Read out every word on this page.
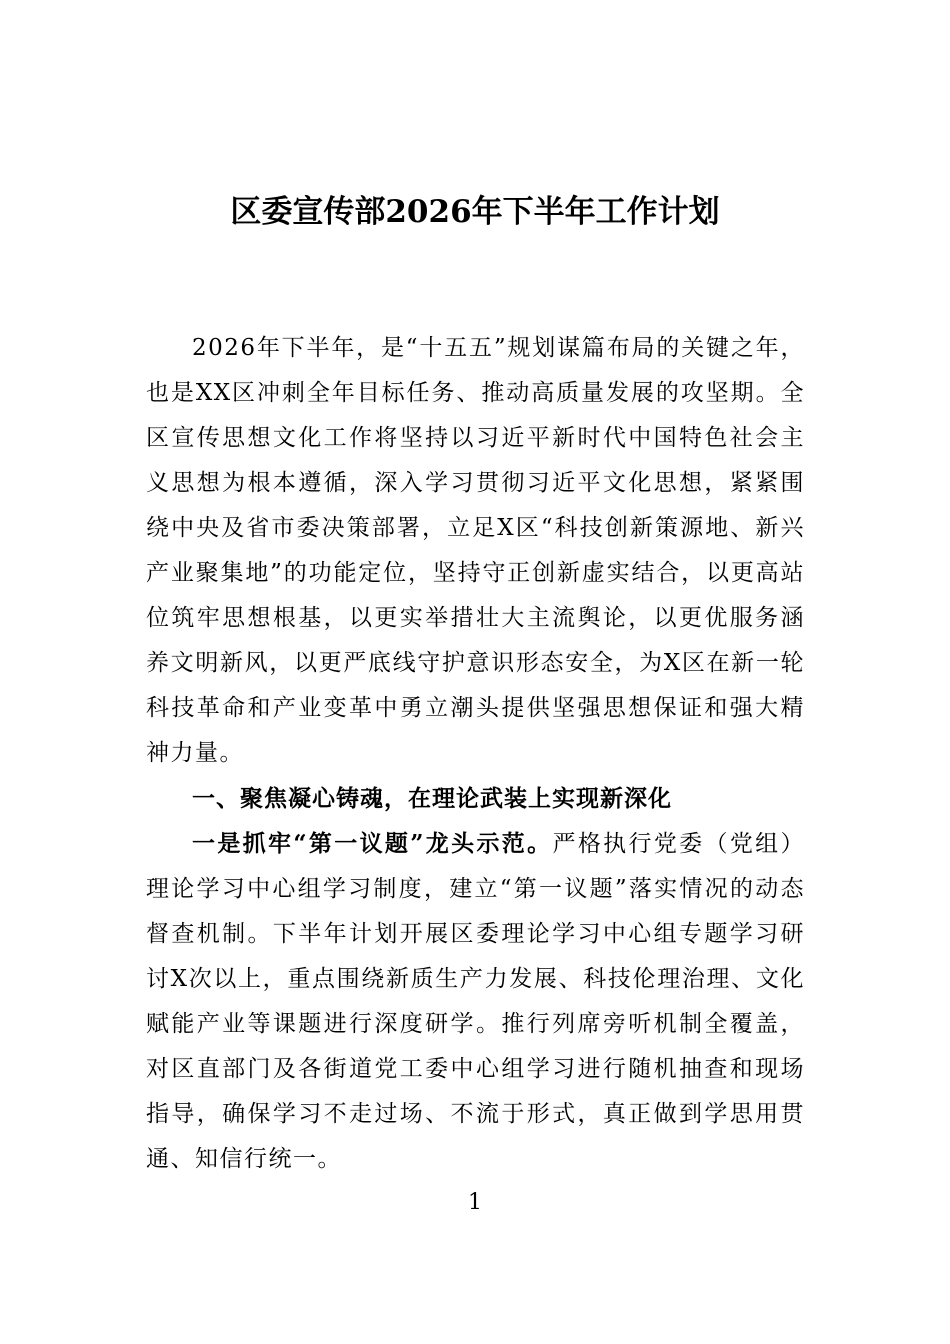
区委宣传部2026年下半年工作计划

2026年下半年，是“十五五”规划谋篇布局的关键之年，也是XX区冲刺全年目标任务、推动高质量发展的攻坚期。全区宣传思想文化工作将坚持以习近平新时代中国特色社会主义思想为根本遵循，深入学习贯彻习近平文化思想，紧紧围绕中央及省市委决策部署，立足X区“科技创新策源地、新兴产业聚集地”的功能定位，坚持守正创新虚实结合，以更高站位筑牢思想根基，以更实举措壮大主流舆论，以更优服务涵养文明新风，以更严底线守护意识形态安全，为X区在新一轮科技革命和产业变革中勇立潮头提供坚强思想保证和强大精神力量。

一、聚焦凝心铸魂，在理论武装上实现新深化

一是抓牢“第一议题”龙头示范。严格执行党委（党组）理论学习中心组学习制度，建立“第一议题”落实情况的动态督查机制。下半年计划开展区委理论学习中心组专题学习研讨X次以上，重点围绕新质生产力发展、科技伦理治理、文化赋能产业等课题进行深度研学。推行列席旁听机制全覆盖，对区直部门及各街道党工委中心组学习进行随机抽查和现场指导，确保学习不走过场、不流于形式，真正做到学思用贯通、知信行统一。

1
